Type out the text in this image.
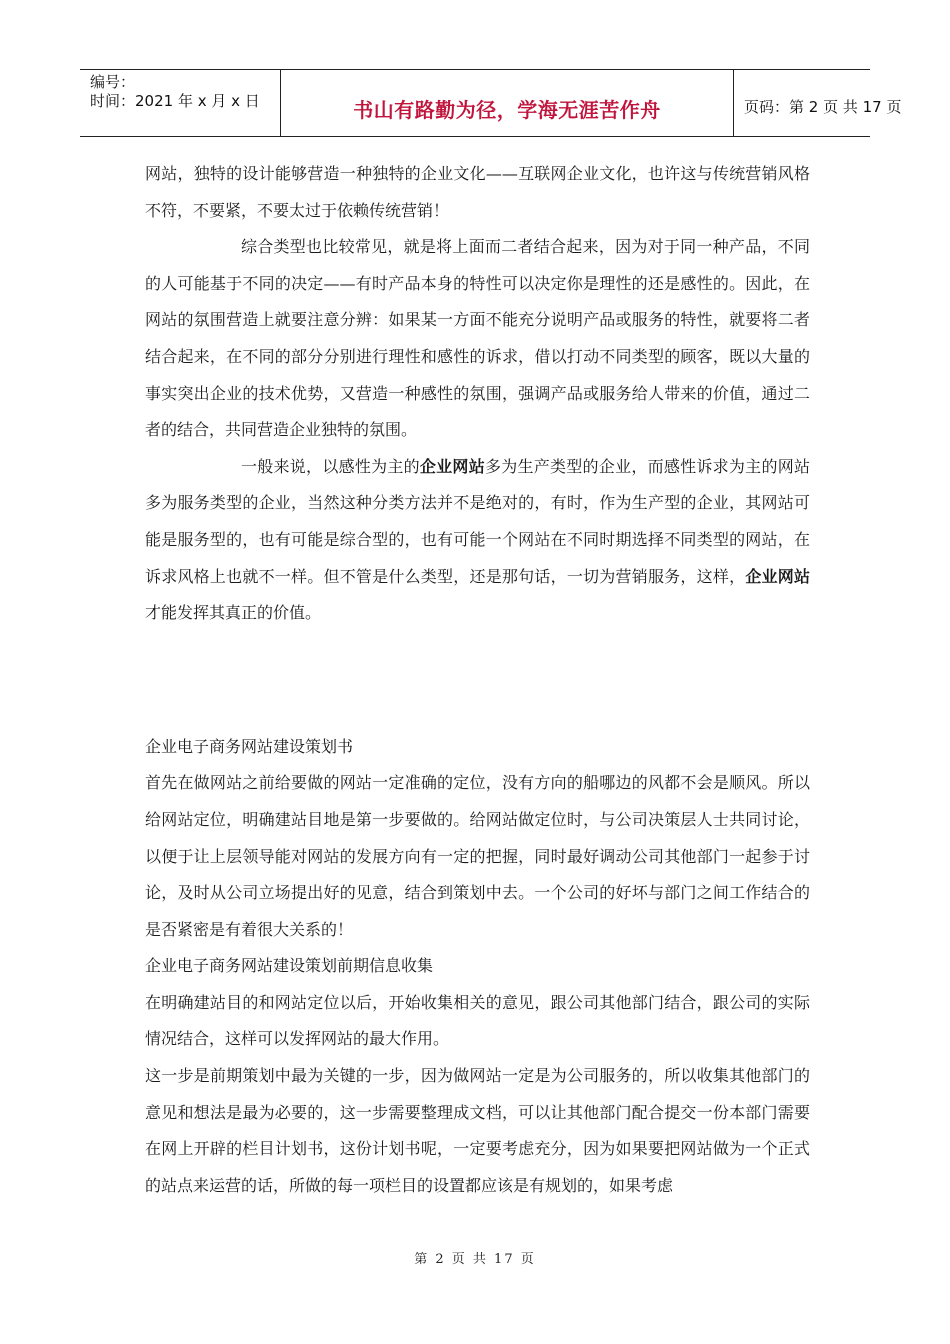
编号：
时间：2021 年 x 月 x 日	书山有路勤为径，学海无涯苦作舟	页码：第 2 页 共 17 页

网站，独特的设计能够营造一种独特的企业文化——互联网企业文化，也许这与传统营销风格不符，不要紧，不要太过于依赖传统营销！

综合类型也比较常见，就是将上面而二者结合起来，因为对于同一种产品，不同的人可能基于不同的决定——有时产品本身的特性可以决定你是理性的还是感性的。因此，在网站的氛围营造上就要注意分辨：如果某一方面不能充分说明产品或服务的特性，就要将二者结合起来，在不同的部分分别进行理性和感性的诉求，借以打动不同类型的顾客，既以大量的事实突出企业的技术优势，又营造一种感性的氛围，强调产品或服务给人带来的价值，通过二者的结合，共同营造企业独特的氛围。

一般来说，以感性为主的企业网站多为生产类型的企业，而感性诉求为主的网站多为服务类型的企业，当然这种分类方法并不是绝对的，有时，作为生产型的企业，其网站可能是服务型的，也有可能是综合型的，也有可能一个网站在不同时期选择不同类型的网站，在诉求风格上也就不一样。但不管是什么类型，还是那句话，一切为营销服务，这样，企业网站才能发挥其真正的价值。

企业电子商务网站建设策划书

首先在做网站之前给要做的网站一定准确的定位，没有方向的船哪边的风都不会是顺风。所以给网站定位，明确建站目地是第一步要做的。给网站做定位时，与公司决策层人士共同讨论，以便于让上层领导能对网站的发展方向有一定的把握，同时最好调动公司其他部门一起参于讨论，及时从公司立场提出好的见意，结合到策划中去。一个公司的好坏与部门之间工作结合的是否紧密是有着很大关系的！

企业电子商务网站建设策划前期信息收集

在明确建站目的和网站定位以后，开始收集相关的意见，跟公司其他部门结合，跟公司的实际情况结合，这样可以发挥网站的最大作用。

这一步是前期策划中最为关键的一步，因为做网站一定是为公司服务的，所以收集其他部门的意见和想法是最为必要的，这一步需要整理成文档，可以让其他部门配合提交一份本部门需要在网上开辟的栏目计划书，这份计划书呢，一定要考虑充分，因为如果要把网站做为一个正式的站点来运营的话，所做的每一项栏目的设置都应该是有规划的，如果考虑

第 2 页 共 17 页
